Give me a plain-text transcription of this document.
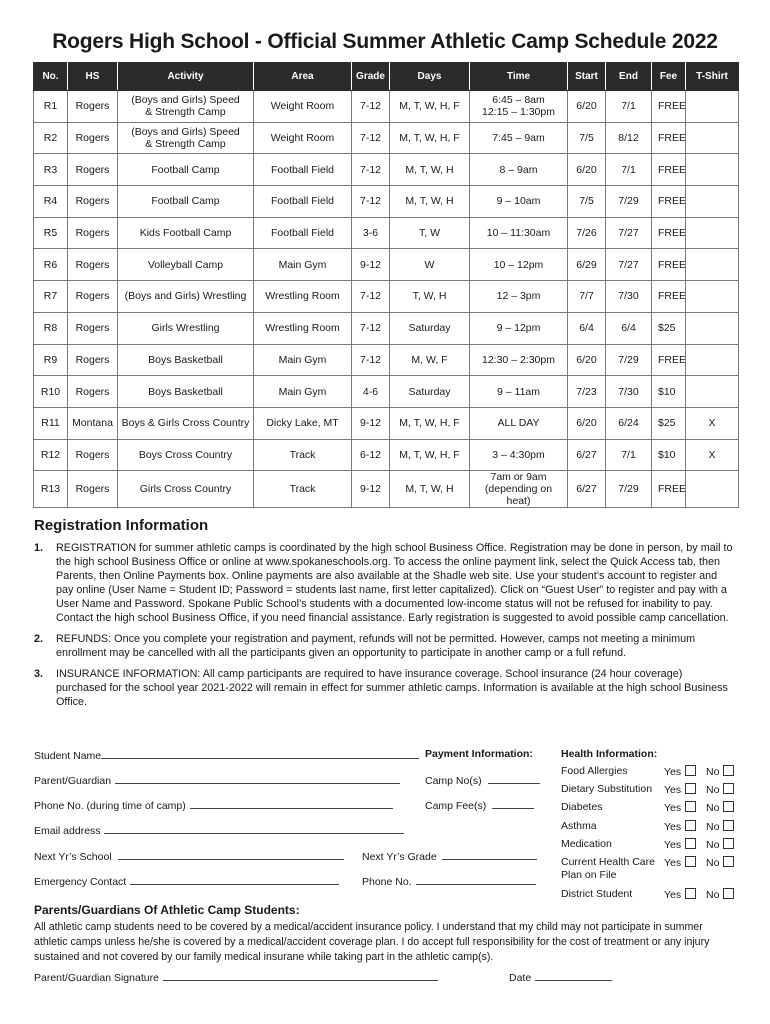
Rogers High School - Official Summer Athletic Camp Schedule 2022
No.	HS	Activity	Area	Grade	Days	Time	Start	End	Fee	T-Shirt
R1	Rogers	(Boys and Girls) Speed
& Strength Camp	Weight Room	7-12	M, T, W, H, F	6:45 – 8am
12:15 – 1:30pm	6/20	7/1	FREE	
R2	Rogers	(Boys and Girls) Speed
& Strength Camp	Weight Room	7-12	M, T, W, H, F	7:45 – 9am	7/5	8/12	FREE	
R3	Rogers	Football Camp	Football Field	7-12	M, T, W, H	8 – 9am	6/20	7/1	FREE	
R4	Rogers	Football Camp	Football Field	7-12	M, T, W, H	9 – 10am	7/5	7/29	FREE	
R5	Rogers	Kids Football Camp	Football Field	3-6	T, W	10 – 11:30am	7/26	7/27	FREE	
R6	Rogers	Volleyball Camp	Main Gym	9-12	W	10 – 12pm	6/29	7/27	FREE	
R7	Rogers	(Boys and Girls) Wrestling	Wrestling Room	7-12	T, W, H	12 – 3pm	7/7	7/30	FREE	
R8	Rogers	Girls Wrestling	Wrestling Room	7-12	Saturday	9 – 12pm	6/4	6/4	$25	
R9	Rogers	Boys Basketball	Main Gym	7-12	M, W, F	12:30 – 2:30pm	6/20	7/29	FREE	
R10	Rogers	Boys Basketball	Main Gym	4-6	Saturday	9 – 11am	7/23	7/30	$10	
R11	Montana	Boys & Girls Cross Country	Dicky Lake, MT	9-12	M, T, W, H, F	ALL DAY	6/20	6/24	$25	X
R12	Rogers	Boys Cross Country	Track	6-12	M, T, W, H, F	3 – 4:30pm	6/27	7/1	$10	X
R13	Rogers	Girls Cross Country	Track	9-12	M, T, W, H	7am or 9am
(depending on heat)	6/27	7/29	FREE	
Registration Information
1.	REGISTRATION for summer athletic camps is coordinated by the high school Business Office. Registration may be done in person, by mail to the high school Business Office or online at www.spokaneschools.org. To access the online payment link, select the Quick Access tab, then Parents, then Online Payments box. Online payments are also available at the Shadle web site. Use your student’s account to register and pay online (User Name = Student ID; Password = students last name, first letter capitalized). Click on “Guest User” to register and pay with a User Name and Password. Spokane Public School’s students with a documented low-income status will not be refused for inability to pay. Contact the high school Business Office, if you need financial assistance. Early registration is suggested to avoid possible camp cancellation.
2.	REFUNDS: Once you complete your registration and payment, refunds will not be permitted. However, camps not meeting a minimum enrollment may be cancelled with all the participants given an opportunity to participate in another camp or a full refund.
3.	INSURANCE INFORMATION: All camp participants are required to have insurance coverage. School insurance (24 hour coverage) purchased for the school year 2021-2022 will remain in effect for summer athletic camps. Information is available at the high school Business Office.
Student Name
Parent/Guardian
Phone No. (during time of camp)
Email address
Next Yr’s School	Next Yr’s Grade
Emergency Contact	Phone No.
Payment Information:
Camp No(s)
Camp Fee(s)
Health Information:
Food Allergies	Yes	No
Dietary Substitution	Yes	No
Diabetes	Yes	No
Asthma	Yes	No
Medication	Yes	No
Current Health Care Plan on File
Yes	No
District Student	Yes	No
Parents/Guardians Of Athletic Camp Students:
All athletic camp students need to be covered by a medical/accident insurance policy. I understand that my child may not participate in summer athletic camps unless he/she is covered by a medical/accident coverage plan. I do accept full responsibility for the cost of treatment or any injury sustained and not covered by our family medical insurane while taking part in the athletic camp(s).
Parent/Guardian Signature	Date
